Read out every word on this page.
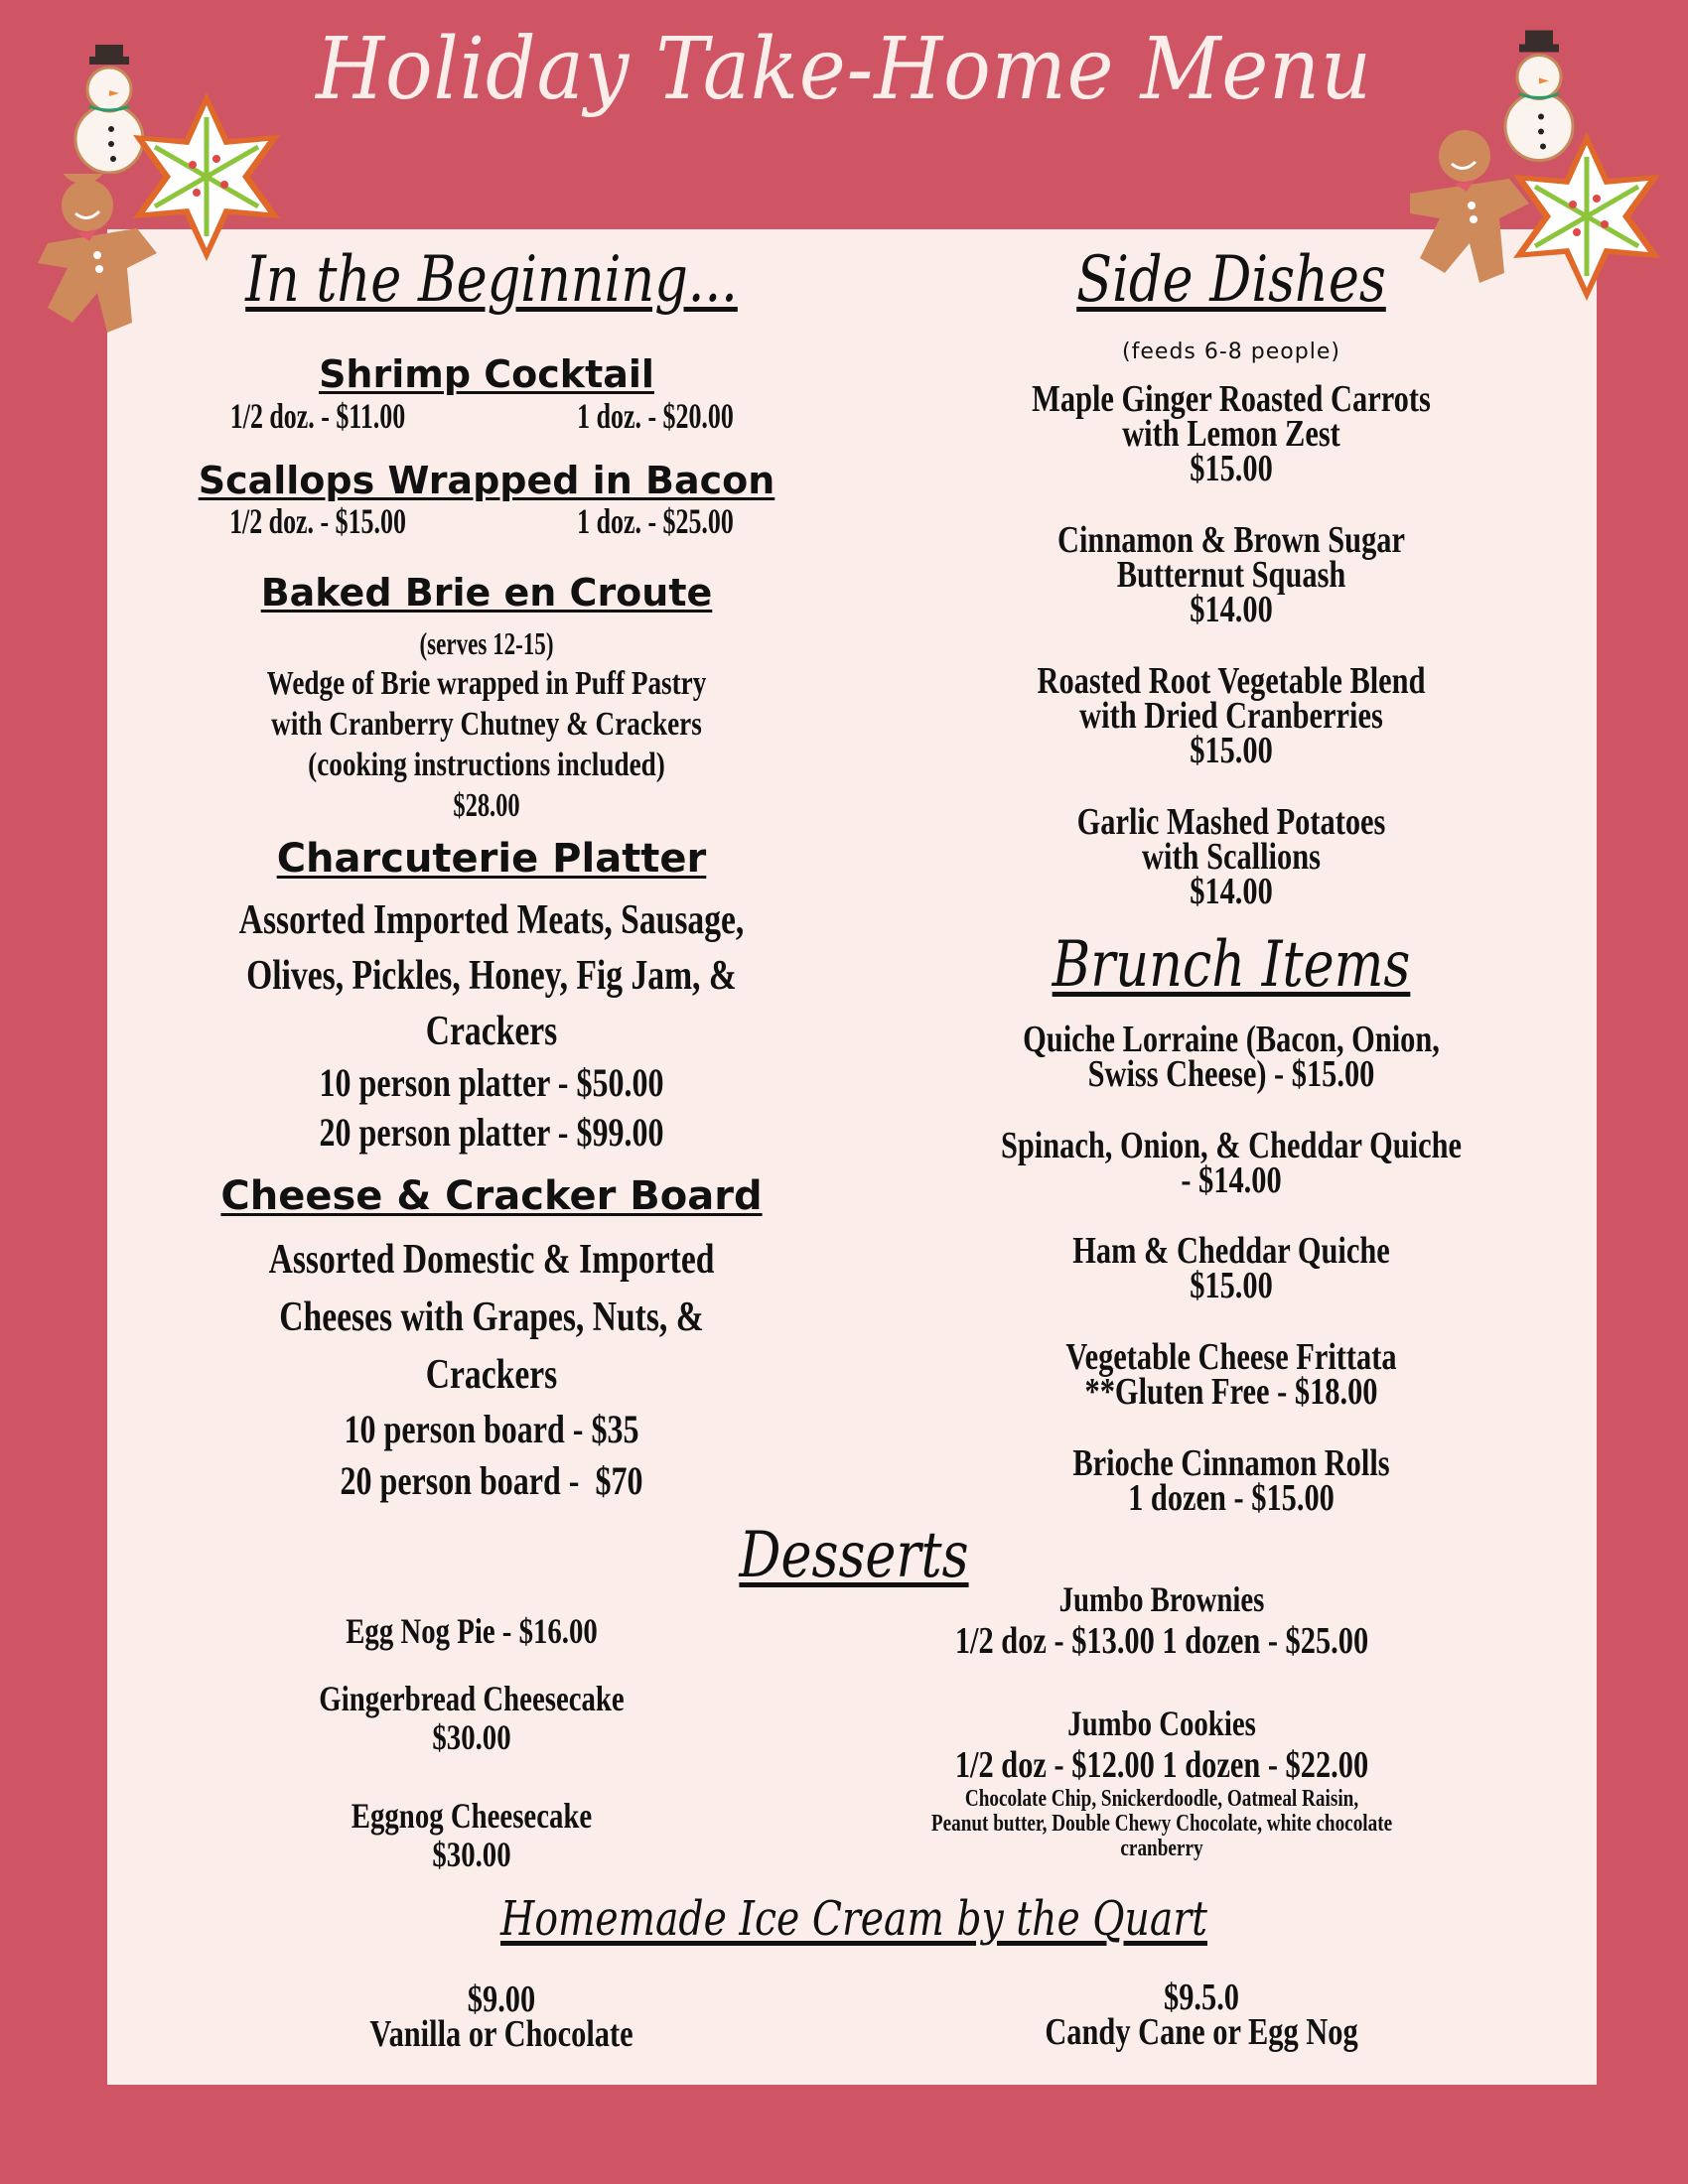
Holiday Take-Home Menu
In the Beginning...
Shrimp Cocktail
1/2 doz. - $11.00	1 doz. - $20.00
Scallops Wrapped in Bacon
1/2 doz. - $15.00	1 doz. - $25.00
Baked Brie en Croute
(serves 12-15)
Wedge of Brie wrapped in Puff Pastry
with Cranberry Chutney & Crackers
(cooking instructions included)
$28.00
Charcuterie Platter
Assorted Imported Meats, Sausage,
Olives, Pickles, Honey, Fig Jam, &
Crackers
10 person platter - $50.00
20 person platter - $99.00
Cheese & Cracker Board
Assorted Domestic & Imported
Cheeses with Grapes, Nuts, &
Crackers
10 person board - $35
20 person board -  $70
Side Dishes
(feeds 6-8 people)
Maple Ginger Roasted Carrots
with Lemon Zest
$15.00
Cinnamon & Brown Sugar
Butternut Squash
$14.00
Roasted Root Vegetable Blend
with Dried Cranberries
$15.00
Garlic Mashed Potatoes
with Scallions
$14.00
Brunch Items
Quiche Lorraine (Bacon, Onion,
Swiss Cheese) - $15.00
Spinach, Onion, & Cheddar Quiche
- $14.00
Ham & Cheddar Quiche
$15.00
Vegetable Cheese Frittata
**Gluten Free - $18.00
Brioche Cinnamon Rolls
1 dozen - $15.00
Desserts
Egg Nog Pie - $16.00
Gingerbread Cheesecake
$30.00
Eggnog Cheesecake
$30.00
Jumbo Brownies
1/2 doz - $13.00 1 dozen - $25.00
Jumbo Cookies
1/2 doz - $12.00 1 dozen - $22.00
Chocolate Chip, Snickerdoodle, Oatmeal Raisin,
Peanut butter, Double Chewy Chocolate, white chocolate
cranberry
Homemade Ice Cream by the Quart
$9.00
Vanilla or Chocolate
$9.5.0
Candy Cane or Egg Nog
